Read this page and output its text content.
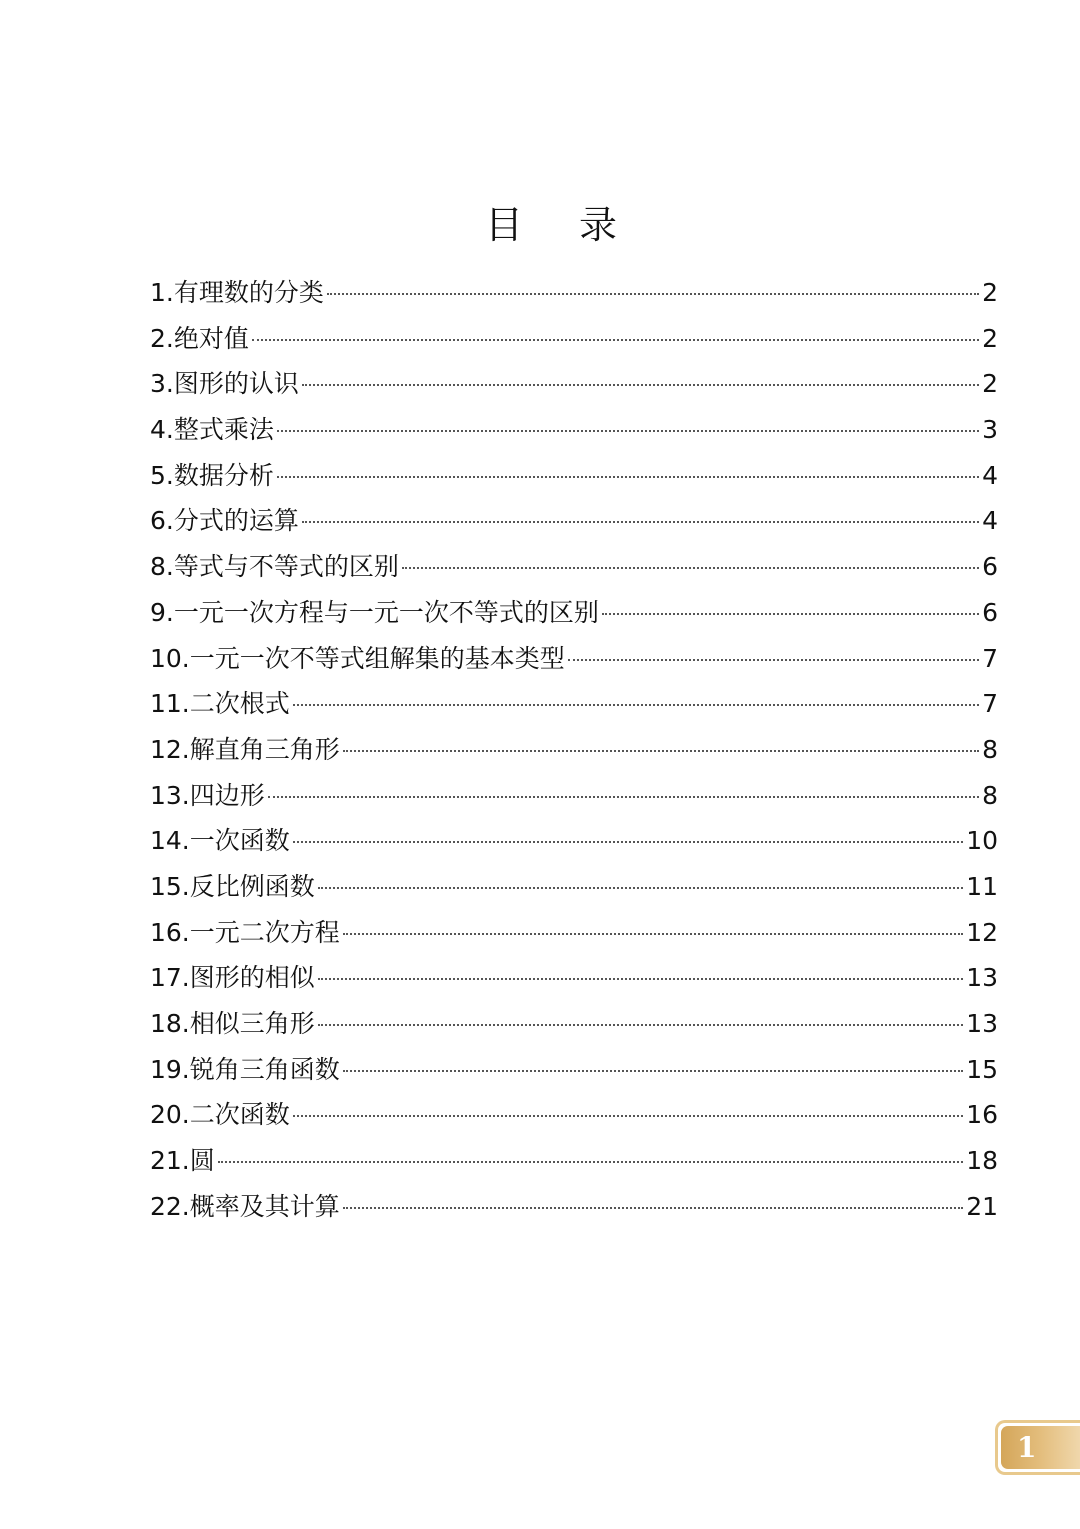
目 录
1.有理数的分类	2
2.绝对值	2
3.图形的认识	2
4.整式乘法	3
5.数据分析	4
6.分式的运算	4
8.等式与不等式的区别	6
9.一元一次方程与一元一次不等式的区别	6
10.一元一次不等式组解集的基本类型	7
11.二次根式	7
12.解直角三角形	8
13.四边形	8
14.一次函数	10
15.反比例函数	11
16.一元二次方程	12
17.图形的相似	13
18.相似三角形	13
19.锐角三角函数	15
20.二次函数	16
21.圆	18
22.概率及其计算	21
1
